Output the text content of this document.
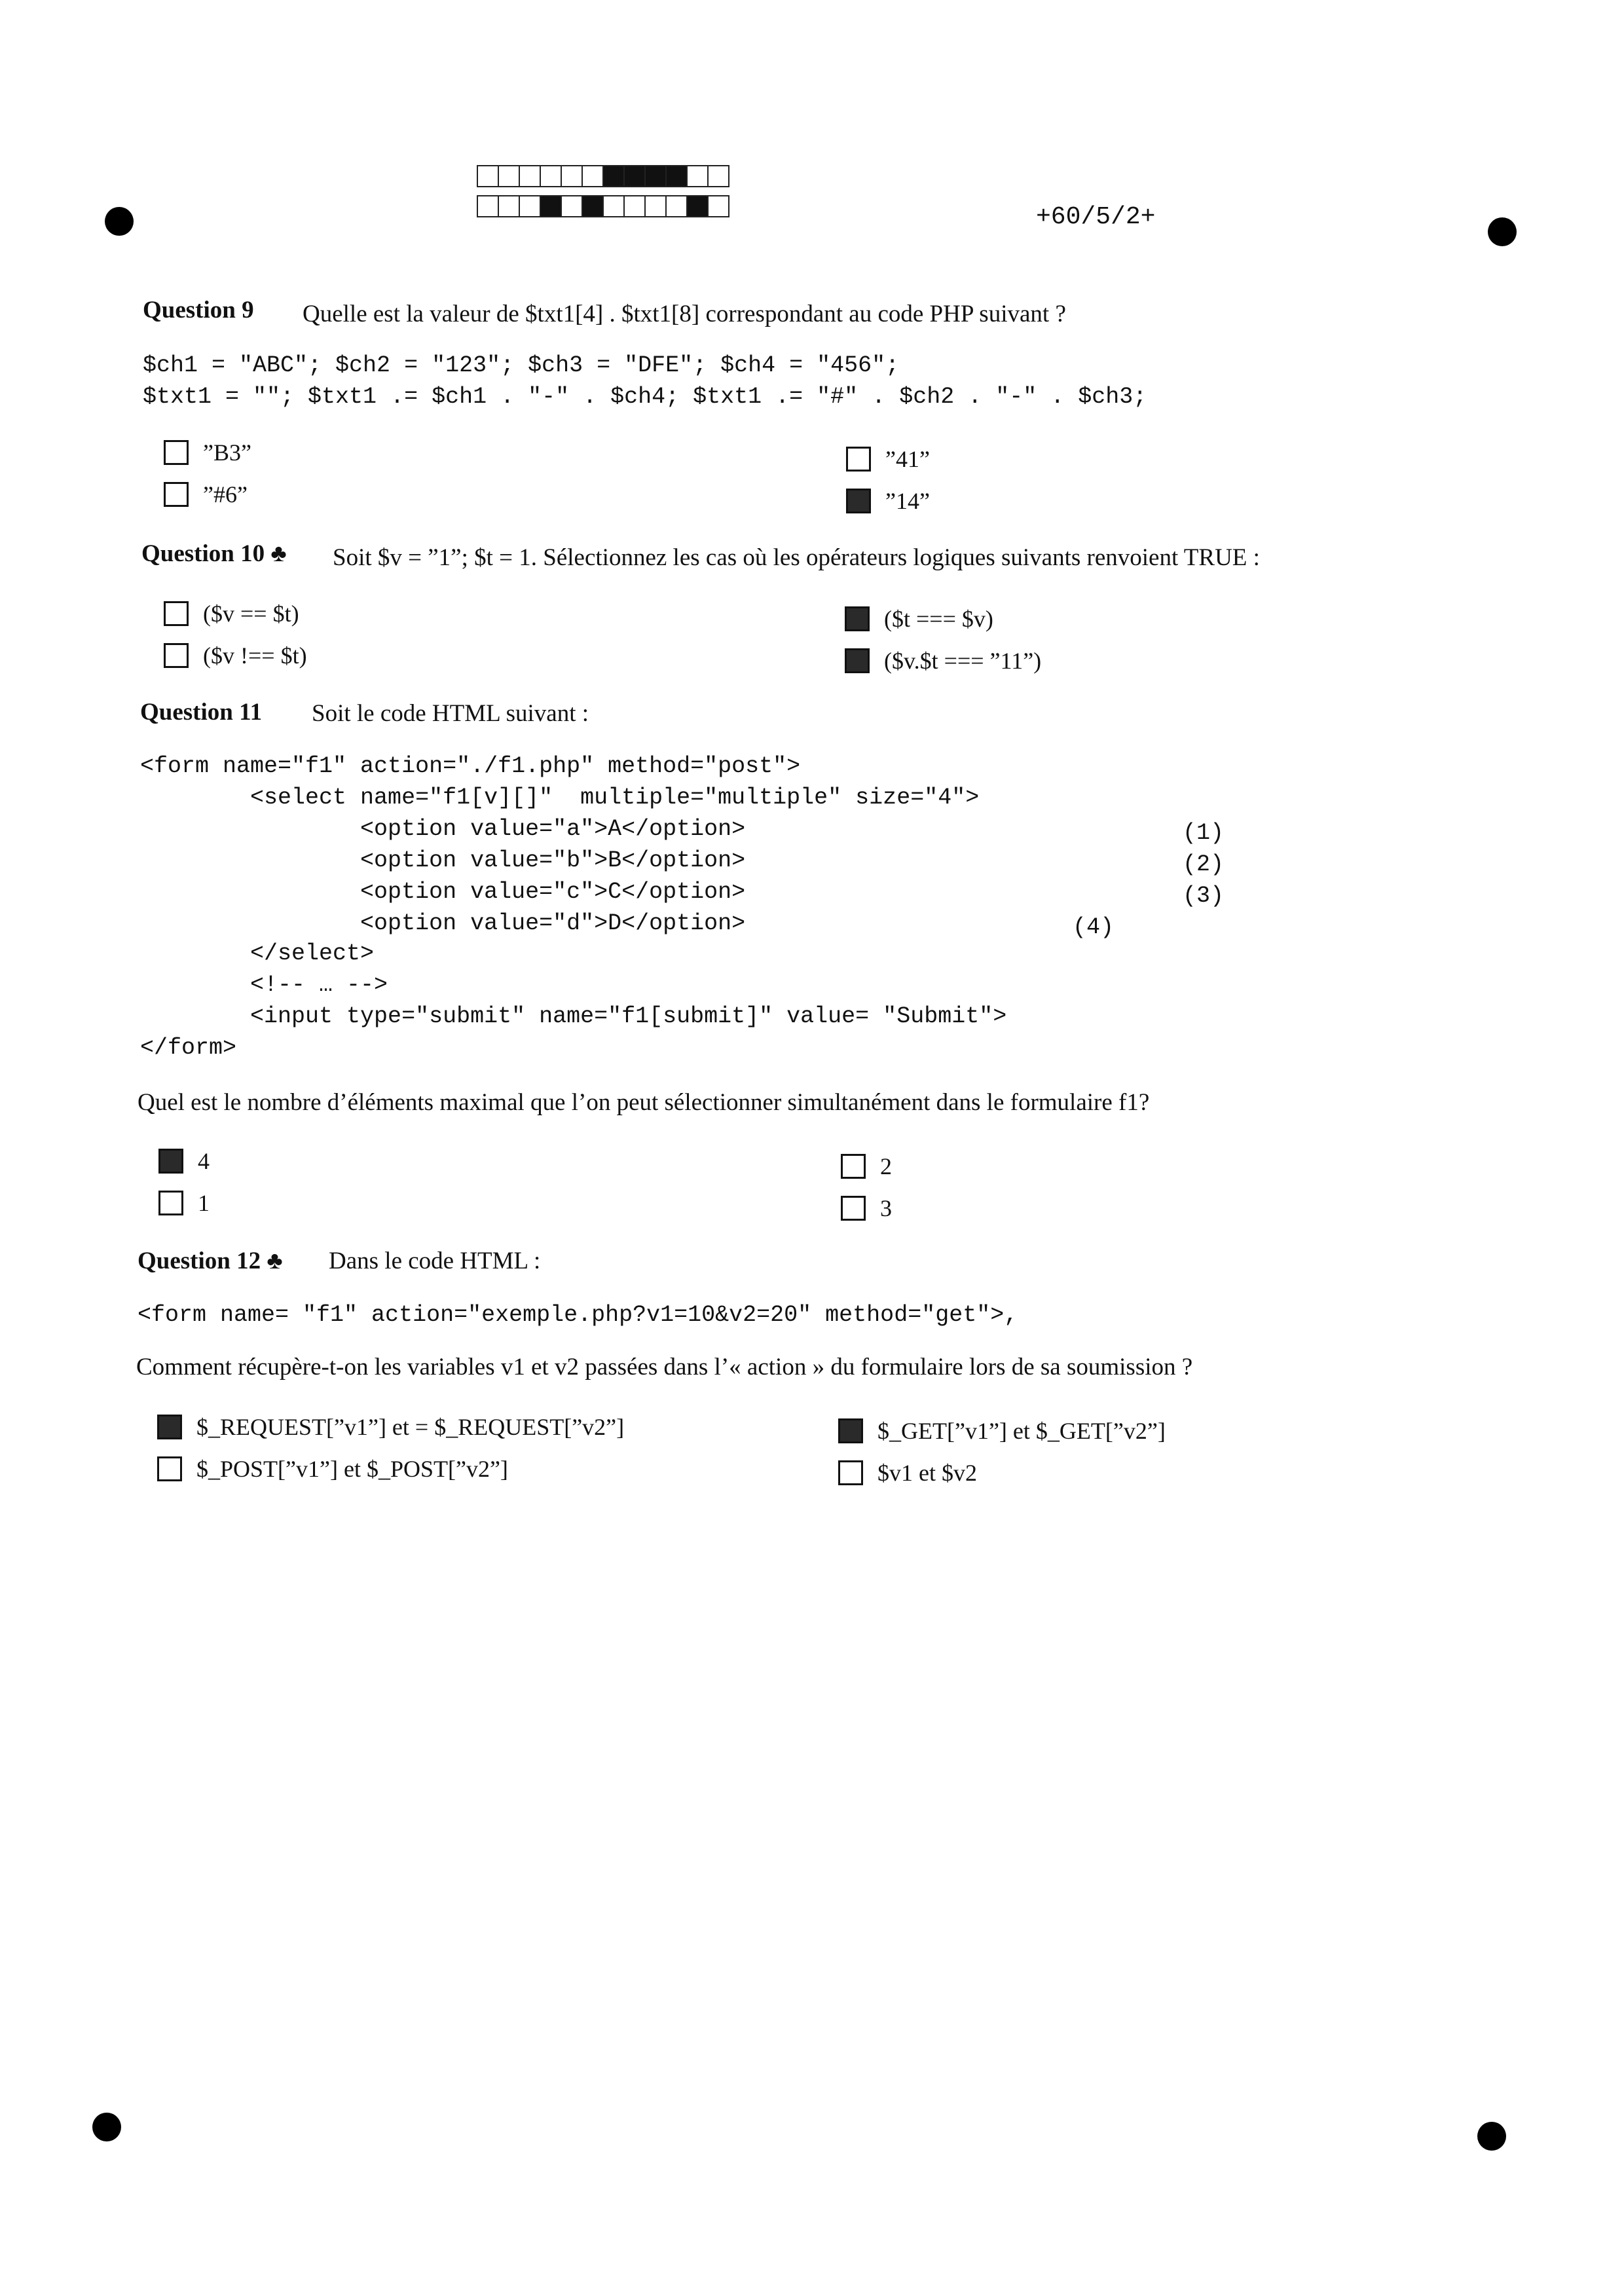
+60/5/2+
Question 9 Quelle est la valeur de $txt1[4] . $txt1[8] correspondant au code PHP suivant ?
$ch1 = "ABC"; $ch2 = "123"; $ch3 = "DFE"; $ch4 = "456";
$txt1 = ""; $txt1 .= $ch1 . "-" . $ch4; $txt1 .= "#" . $ch2 . "-" . $ch3;
”B3”
”#6”
”41”
”14”
Question 10 ♣ Soit $v = ”1”; $t = 1. Sélectionnez les cas où les opérateurs logiques suivants renvoient TRUE :
($v == $t)
($v !== $t)
($t === $v)
($v.$t === ”11”)
Question 11 Soit le code HTML suivant :
<form name="f1" action="./f1.php" method="post">
<select name="f1[v][]"  multiple="multiple" size="4">
<option value="a">A</option>
<option value="b">B</option>
<option value="c">C</option>
<option value="d">D</option>
</select>
<!-- … -->
<input type="submit" name="f1[submit]" value= "Submit">
</form>
(1)
(2)
(3)
(4)
Quel est le nombre d’éléments maximal que l’on peut sélectionner simultanément dans le formulaire f1?
4
1
2
3
Question 12 ♣ Dans le code HTML :
<form name= "f1" action="exemple.php?v1=10&v2=20" method="get">,
Comment récupère-t-on les variables v1 et v2 passées dans l’« action » du formulaire lors de sa soumission ?
$_REQUEST[”v1”] et = $_REQUEST[”v2”]
$_POST[”v1”] et $_POST[”v2”]
$_GET[”v1”] et $_GET[”v2”]
$v1 et $v2
